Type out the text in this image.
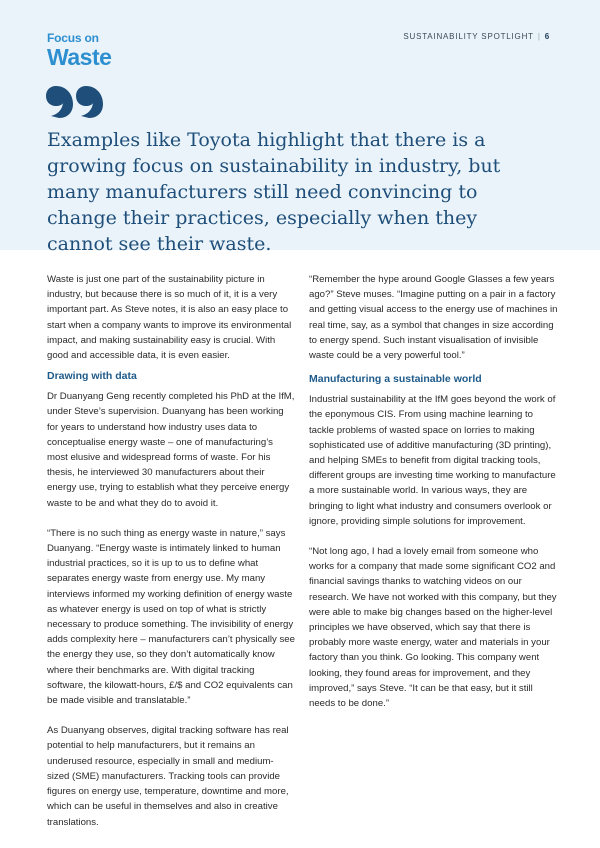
Focus on
Waste
SUSTAINABILITY SPOTLIGHT | 6
Examples like Toyota highlight that there is a growing focus on sustainability in industry, but many manufacturers still need convincing to change their practices, especially when they cannot see their waste.

Waste is just one part of the sustainability picture in industry, but because there is so much of it, it is a very important part. As Steve notes, it is also an easy place to start when a company wants to improve its environmental impact, and making sustainability easy is crucial. With good and accessible data, it is even easier.

Drawing with data

Dr Duanyang Geng recently completed his PhD at the IfM, under Steve’s supervision. Duanyang has been working for years to understand how industry uses data to conceptualise energy waste – one of manufacturing’s most elusive and widespread forms of waste. For his thesis, he interviewed 30 manufacturers about their energy use, trying to establish what they perceive energy waste to be and what they do to avoid it.

“There is no such thing as energy waste in nature,” says Duanyang. “Energy waste is intimately linked to human industrial practices, so it is up to us to define what separates energy waste from energy use. My many interviews informed my working definition of energy waste as whatever energy is used on top of what is strictly necessary to produce something. The invisibility of energy adds complexity here – manufacturers can’t physically see the energy they use, so they don’t automatically know where their benchmarks are. With digital tracking software, the kilowatt-hours, £/$ and CO2 equivalents can be made visible and translatable.”

As Duanyang observes, digital tracking software has real potential to help manufacturers, but it remains an underused resource, especially in small and medium-sized (SME) manufacturers. Tracking tools can provide figures on energy use, temperature, downtime and more, which can be useful in themselves and also in creative translations.

“Remember the hype around Google Glasses a few years ago?” Steve muses. “Imagine putting on a pair in a factory and getting visual access to the energy use of machines in real time, say, as a symbol that changes in size according to energy spend. Such instant visualisation of invisible waste could be a very powerful tool.”

Manufacturing a sustainable world

Industrial sustainability at the IfM goes beyond the work of the eponymous CIS. From using machine learning to tackle problems of wasted space on lorries to making sophisticated use of additive manufacturing (3D printing), and helping SMEs to benefit from digital tracking tools, different groups are investing time working to manufacture a more sustainable world. In various ways, they are bringing to light what industry and consumers overlook or ignore, providing simple solutions for improvement.

“Not long ago, I had a lovely email from someone who works for a company that made some significant CO2 and financial savings thanks to watching videos on our research. We have not worked with this company, but they were able to make big changes based on the higher-level principles we have observed, which say that there is probably more waste energy, water and materials in your factory than you think. Go looking. This company went looking, they found areas for improvement, and they improved,” says Steve. “It can be that easy, but it still needs to be done.”
